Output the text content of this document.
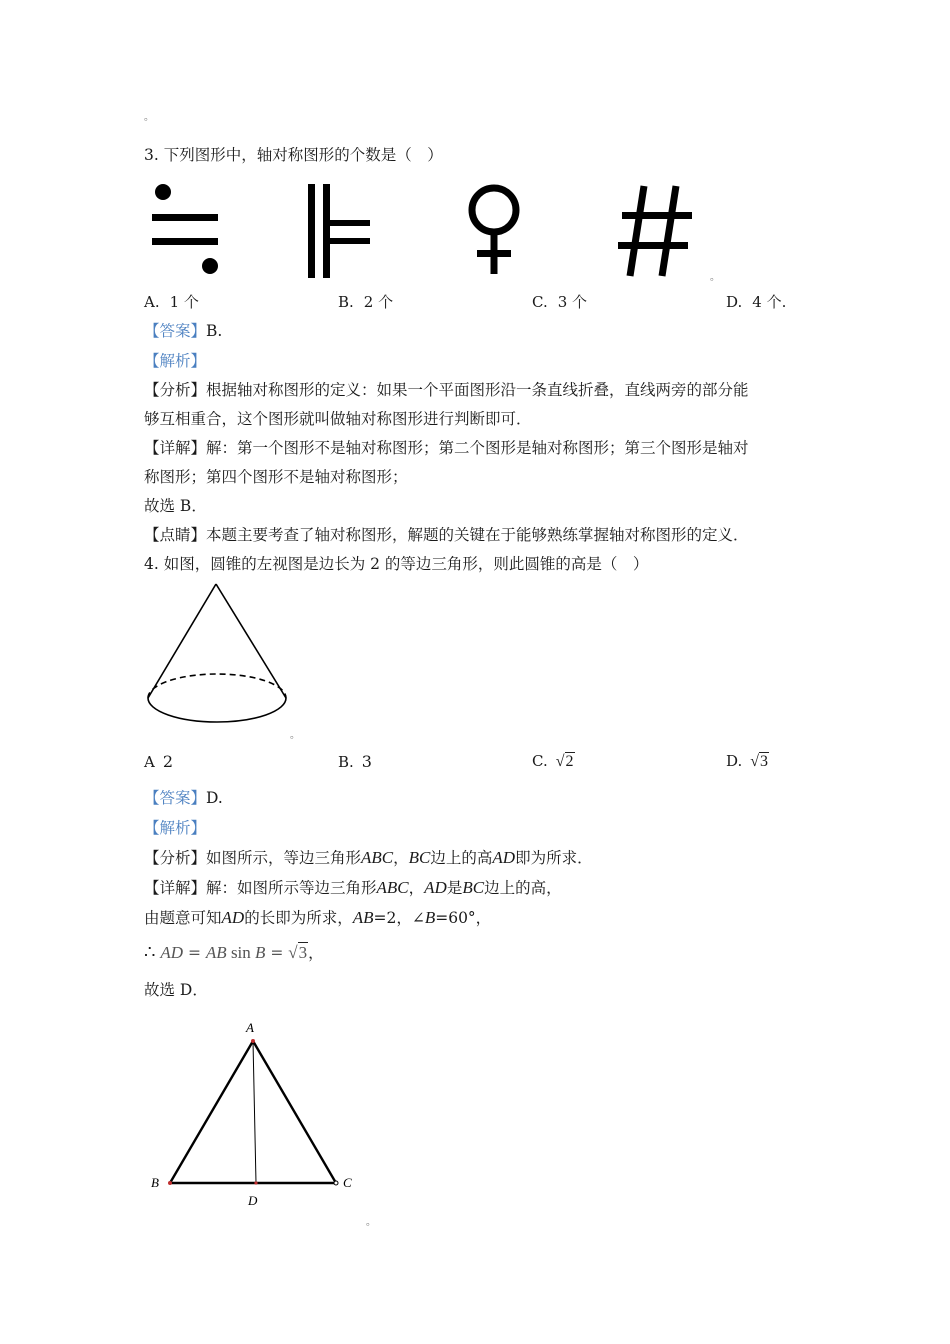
。
3. 下列图形中，轴对称图形的个数是（　）
。
A. 1 个	B. 2 个	C. 3 个	D. 4 个.
【答案】B.
【解析】
【分析】根据轴对称图形的定义：如果一个平面图形沿一条直线折叠，直线两旁的部分能
够互相重合，这个图形就叫做轴对称图形进行判断即可．
【详解】解：第一个图形不是轴对称图形；第二个图形是轴对称图形；第三个图形是轴对
称图形；第四个图形不是轴对称图形；
故选 B．
【点睛】本题主要考查了轴对称图形，解题的关键在于能够熟练掌握轴对称图形的定义．
4. 如图，圆锥的左视图是边长为 2 的等边三角形，则此圆锥的高是（　）
。
A 2	B. 3	C. √2	D. √3
【答案】D.
【解析】
【分析】如图所示，等边三角形ABC，BC边上的高AD即为所求．
【详解】解：如图所示等边三角形ABC，AD是BC边上的高，
由题意可知AD的长即为所求，AB=2，∠B=60°，
∴ AD = AB sin B = √3，
故选 D．
A
B	C
D
。
